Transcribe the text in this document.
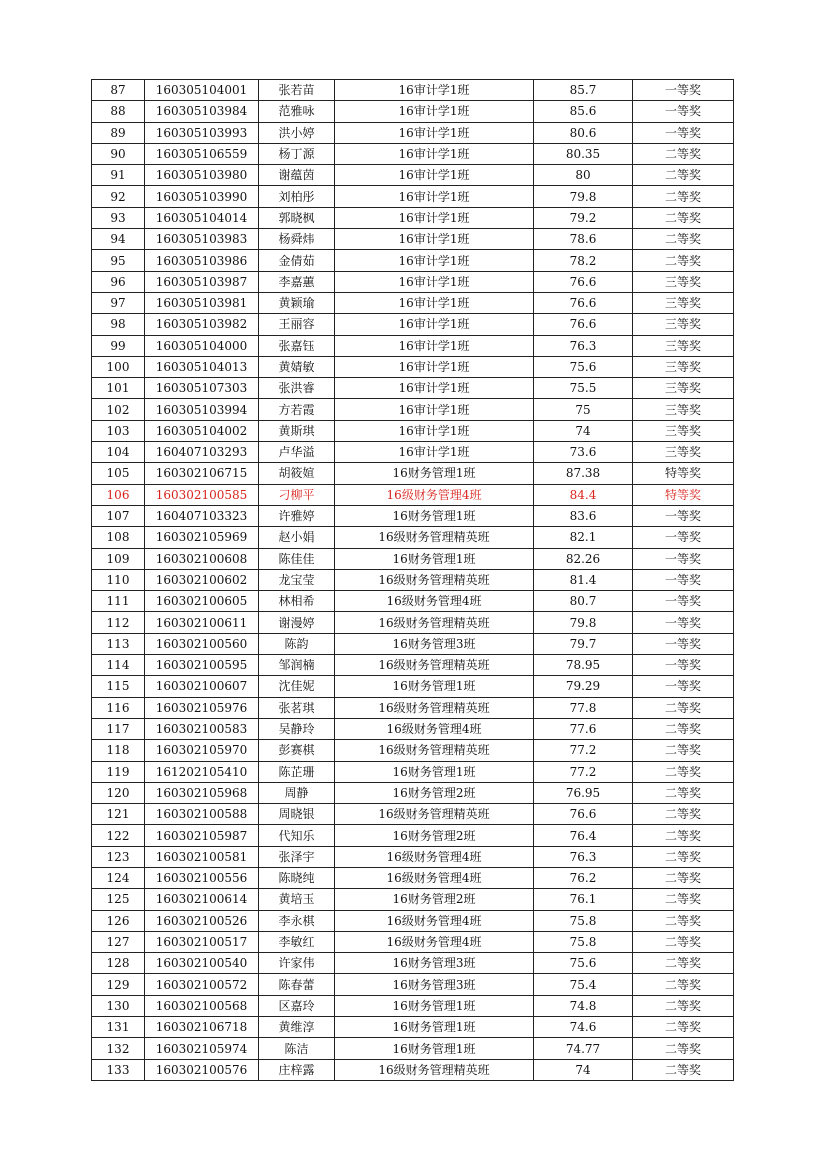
87	160305104001	张若苗	16审计学1班	85.7	一等奖
88	160305103984	范雅咏	16审计学1班	85.6	一等奖
89	160305103993	洪小婷	16审计学1班	80.6	一等奖
90	160305106559	杨丁源	16审计学1班	80.35	二等奖
91	160305103980	谢蕴茵	16审计学1班	80	二等奖
92	160305103990	刘柏彤	16审计学1班	79.8	二等奖
93	160305104014	郭晓枫	16审计学1班	79.2	二等奖
94	160305103983	杨舜炜	16审计学1班	78.6	二等奖
95	160305103986	金倩茹	16审计学1班	78.2	二等奖
96	160305103987	李嘉蕙	16审计学1班	76.6	三等奖
97	160305103981	黄颖瑜	16审计学1班	76.6	三等奖
98	160305103982	王丽容	16审计学1班	76.6	三等奖
99	160305104000	张嘉钰	16审计学1班	76.3	三等奖
100	160305104013	黄婧敏	16审计学1班	75.6	三等奖
101	160305107303	张洪睿	16审计学1班	75.5	三等奖
102	160305103994	方若霞	16审计学1班	75	三等奖
103	160305104002	黄斯琪	16审计学1班	74	三等奖
104	160407103293	卢华溢	16审计学1班	73.6	三等奖
105	160302106715	胡筱媗	16财务管理1班	87.38	特等奖
106	160302100585	刁柳平	16级财务管理4班	84.4	特等奖
107	160407103323	许雅婷	16财务管理1班	83.6	一等奖
108	160302105969	赵小娟	16级财务管理精英班	82.1	一等奖
109	160302100608	陈佳佳	16财务管理1班	82.26	一等奖
110	160302100602	龙宝莹	16级财务管理精英班	81.4	一等奖
111	160302100605	林相希	16级财务管理4班	80.7	一等奖
112	160302100611	谢漫婷	16级财务管理精英班	79.8	一等奖
113	160302100560	陈韵	16财务管理3班	79.7	一等奖
114	160302100595	邹润楠	16级财务管理精英班	78.95	一等奖
115	160302100607	沈佳妮	16财务管理1班	79.29	一等奖
116	160302105976	张茗琪	16级财务管理精英班	77.8	二等奖
117	160302100583	吴静玲	16级财务管理4班	77.6	二等奖
118	160302105970	彭赛棋	16级财务管理精英班	77.2	二等奖
119	161202105410	陈芷珊	16财务管理1班	77.2	二等奖
120	160302105968	周静	16财务管理2班	76.95	二等奖
121	160302100588	周晓银	16级财务管理精英班	76.6	二等奖
122	160302105987	代知乐	16财务管理2班	76.4	二等奖
123	160302100581	张泽宇	16级财务管理4班	76.3	二等奖
124	160302100556	陈晓纯	16级财务管理4班	76.2	二等奖
125	160302100614	黄培玉	16财务管理2班	76.1	二等奖
126	160302100526	李永棋	16级财务管理4班	75.8	二等奖
127	160302100517	李敏红	16级财务管理4班	75.8	二等奖
128	160302100540	许家伟	16财务管理3班	75.6	二等奖
129	160302100572	陈春蕾	16财务管理3班	75.4	二等奖
130	160302100568	区嘉玲	16财务管理1班	74.8	二等奖
131	160302106718	黄维淳	16财务管理1班	74.6	二等奖
132	160302105974	陈洁	16财务管理1班	74.77	二等奖
133	160302100576	庄梓露	16级财务管理精英班	74	二等奖
